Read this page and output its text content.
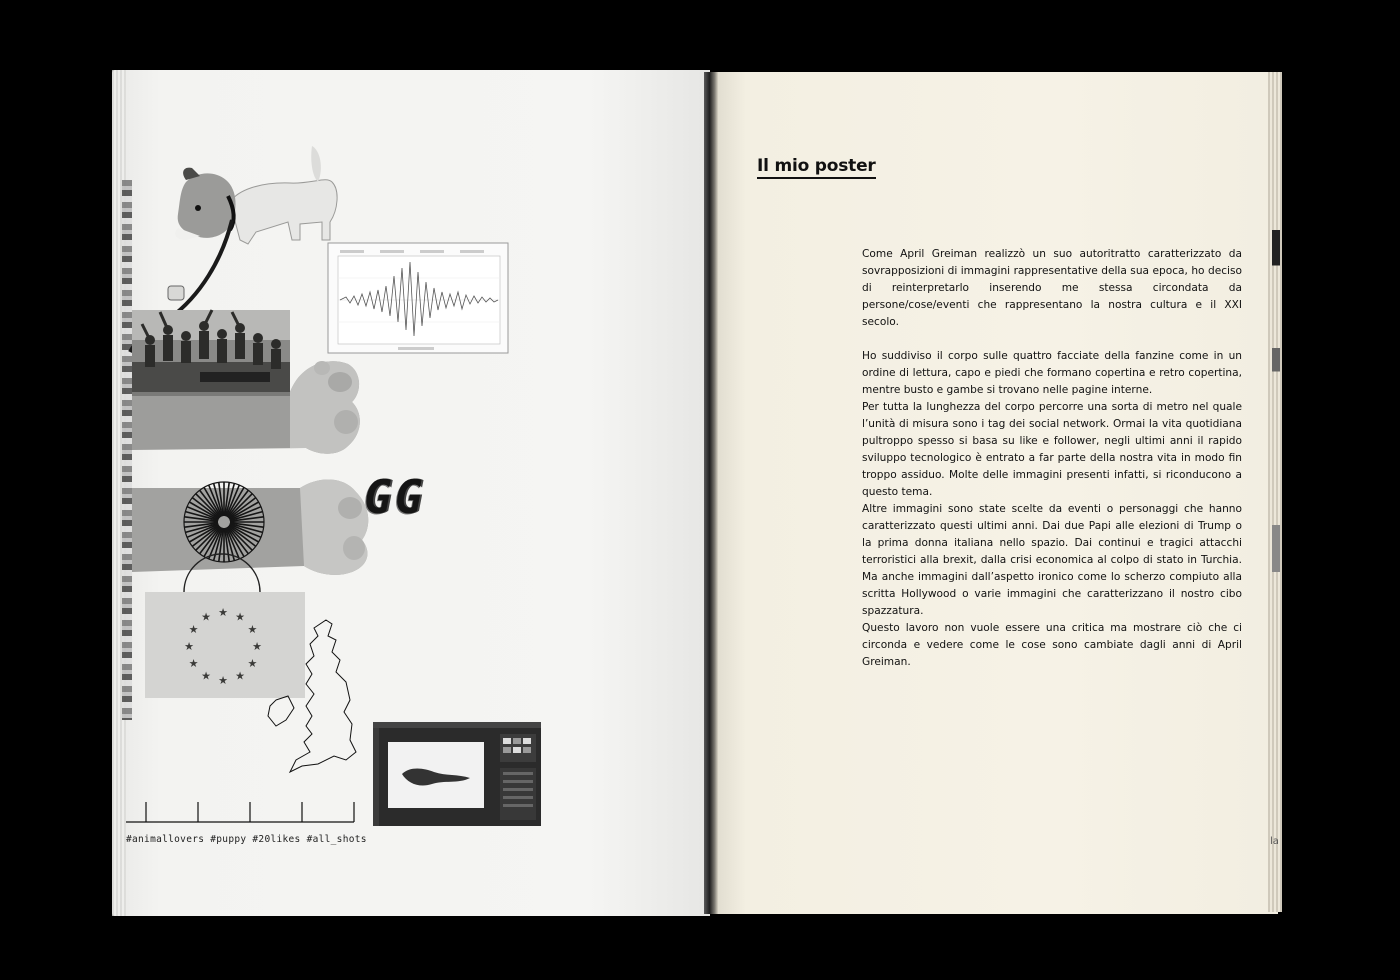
★ ★
★
★
★
★
★
★
★
★
★
★
GG
#animallovers #puppy #20likes #all_shots
Il mio poster

Come April Greiman realizzò un suo autoritratto caratterizzato da sovrapposizioni di immagini rappresentative della sua epoca, ho deciso di reinterpretarlo inserendo me stessa circondata da persone/cose/eventi che rappresentano la nostra cultura e il XXI secolo.

Ho suddiviso il corpo sulle quattro facciate della fanzine come in un ordine di lettura, capo e piedi che formano copertina e retro copertina, mentre busto e gambe si trovano nelle pagine interne.

Per tutta la lunghezza del corpo percorre una sorta di metro nel quale l’unità di misura sono i tag dei social network. Ormai la vita quotidiana pultroppo spesso si basa su like e follower, negli ultimi anni il rapido sviluppo tecnologico è entrato a far parte della nostra vita in modo fin troppo assiduo. Molte delle immagini presenti infatti, si riconducono a questo tema.

Altre immagini sono state scelte da eventi o personaggi che hanno caratterizzato questi ultimi anni. Dai due Papi alle elezioni di Trump o la prima donna italiana nello spazio. Dai continui e tragici attacchi terroristici alla brexit, dalla crisi economica al colpo di stato in Turchia. Ma anche immagini dall’aspetto ironico come lo scherzo compiuto alla scritta Hollywood o varie immagini che caratterizzano il nostro cibo spazzatura.

Questo lavoro non vuole essere una critica ma mostrare ciò che ci circonda e vedere come le cose sono cambiate dagli anni di April Greiman.

la
